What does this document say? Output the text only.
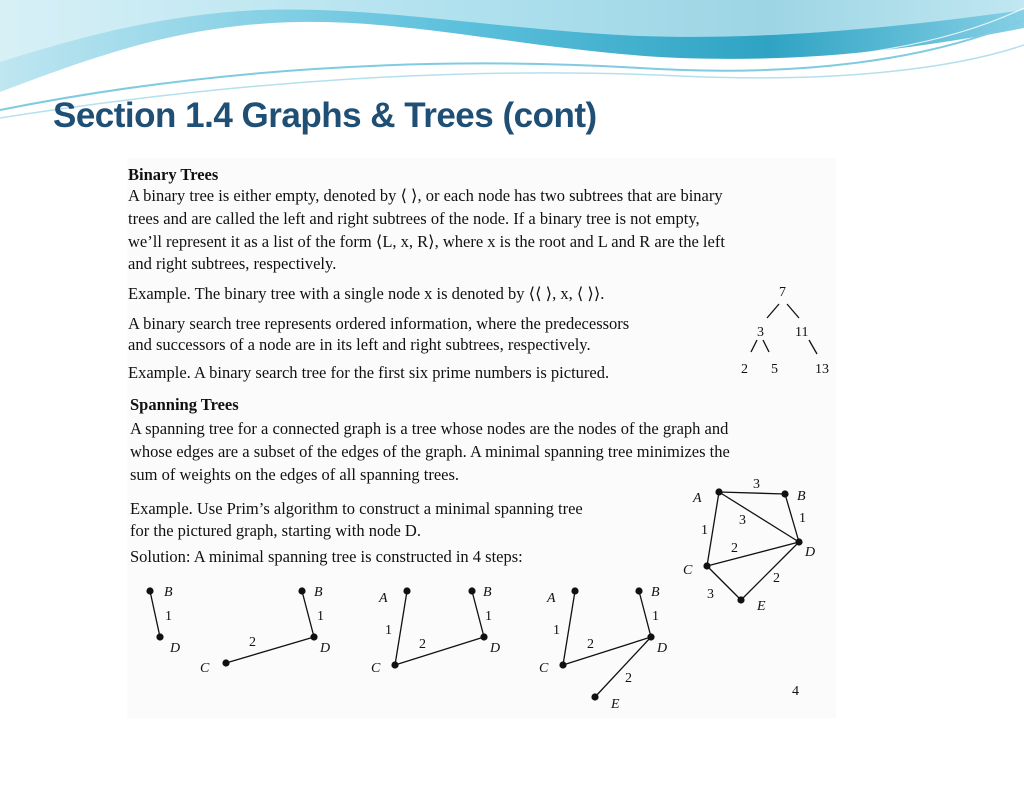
Section 1.4 Graphs & Trees (cont)
Binary Trees
A binary tree is either empty, denoted by ⟨ ⟩, or each node has two subtrees that are binary
trees and are called the left and right subtrees of the node. If a binary tree is not empty,
we’ll represent it as a list of the form ⟨L, x, R⟩, where x is the root and L and R are the left
and right subtrees, respectively.
Example. The binary tree with a single node x is denoted by ⟨⟨ ⟩, x, ⟨ ⟩⟩.
A binary search tree represents ordered information, where the predecessors
and successors of a node are in its left and right subtrees, respectively.
Example. A binary search tree for the first six prime numbers is pictured.
7
3 11
2 5	13
Spanning Trees
A spanning tree for a connected graph is a tree whose nodes are the nodes of the graph and
whose edges are a subset of the edges of the graph. A minimal spanning tree minimizes the
sum of weights on the edges of all spanning trees.
Example. Use Prim’s algorithm to construct a minimal spanning tree
for the pictured graph, starting with node D.
Solution: A minimal spanning tree is constructed in 4 steps:
A	B
C
D
E
3
1
1
3
2
2
3
B
D
1
B
D
C
1
2
A	B
C
D
1
1
2
A	B
C
D
E
1
1
2
2
4
